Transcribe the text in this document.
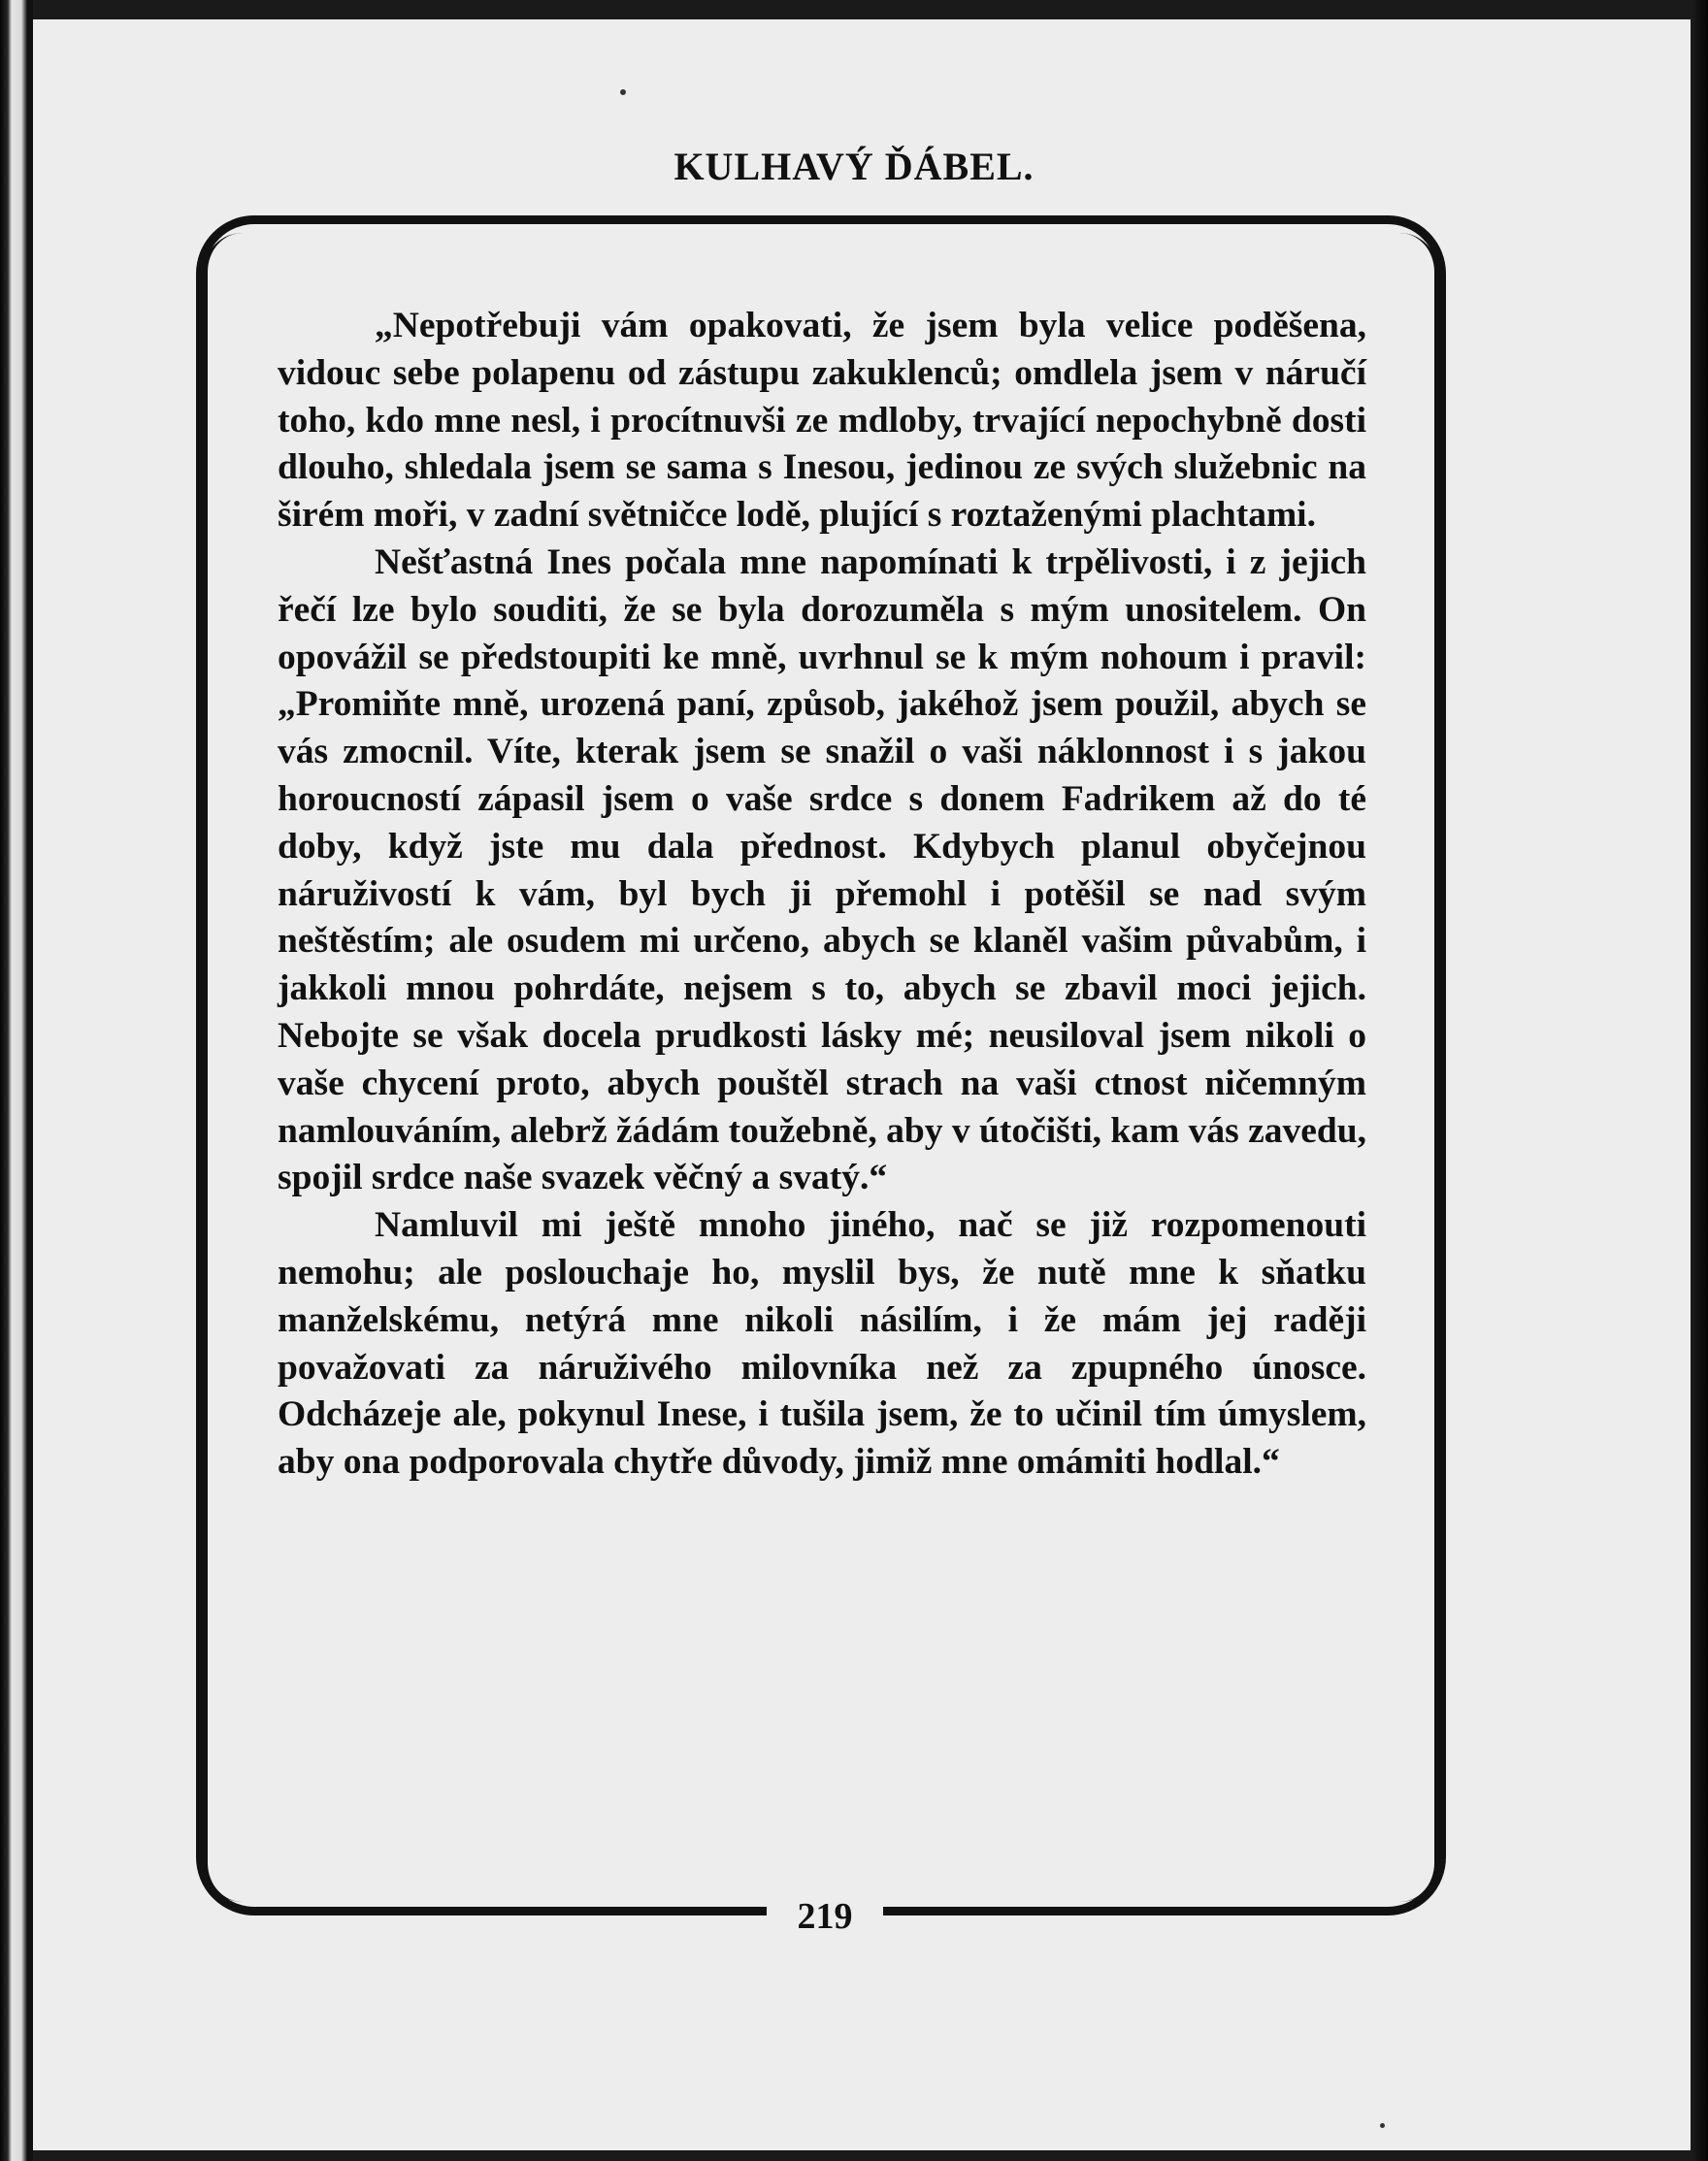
KULHAVÝ ĎÁBEL.

„Nepotřebuji vám opakovati, že jsem byla velice poděšena, vidouc sebe polapenu od zástupu zakuklenců; omdlela jsem v náručí toho, kdo mne nesl, i procítnuvši ze mdloby, trvající nepochybně dosti dlouho, shledala jsem se sama s Inesou, jedinou ze svých služebnic na širém moři, v zadní světničce lodě, plující s roztaženými plachtami.

Nešťastná Ines počala mne napomínati k trpělivosti, i z jejich řečí lze bylo souditi, že se byla dorozuměla s mým unositelem. On opovážil se předstoupiti ke mně, uvrhnul se k mým nohoum i pravil: „Promiňte mně, urozená paní, způsob, jakéhož jsem použil, abych se vás zmocnil. Víte, kterak jsem se snažil o vaši náklonnost i s jakou horoucností zápasil jsem o vaše srdce s donem Fadrikem až do té doby, když jste mu dala přednost. Kdybych planul obyčejnou náruživostí k vám, byl bych ji přemohl i potěšil se nad svým neštěstím; ale osudem mi určeno, abych se klaněl vašim půvabům, i jakkoli mnou pohrdáte, nejsem s to, abych se zbavil moci jejich. Nebojte se však docela prudkosti lásky mé; neusiloval jsem nikoli o vaše chycení proto, abych pouštěl strach na vaši ctnost ničemným namlouváním, alebrž žádám toužebně, aby v útočišti, kam vás zavedu, spojil srdce naše svazek věčný a svatý.“

Namluvil mi ještě mnoho jiného, nač se již rozpomenouti nemohu; ale poslouchaje ho, myslil bys, že nutě mne k sňatku manželskému, netýrá mne nikoli násilím, i že mám jej raději považovati za náruživého milovníka než za zpupného únosce. Odcházeje ale, pokynul Inese, i tušila jsem, že to učinil tím úmyslem, aby ona podporovala chytře důvody, jimiž mne omámiti hodlal.“

219
